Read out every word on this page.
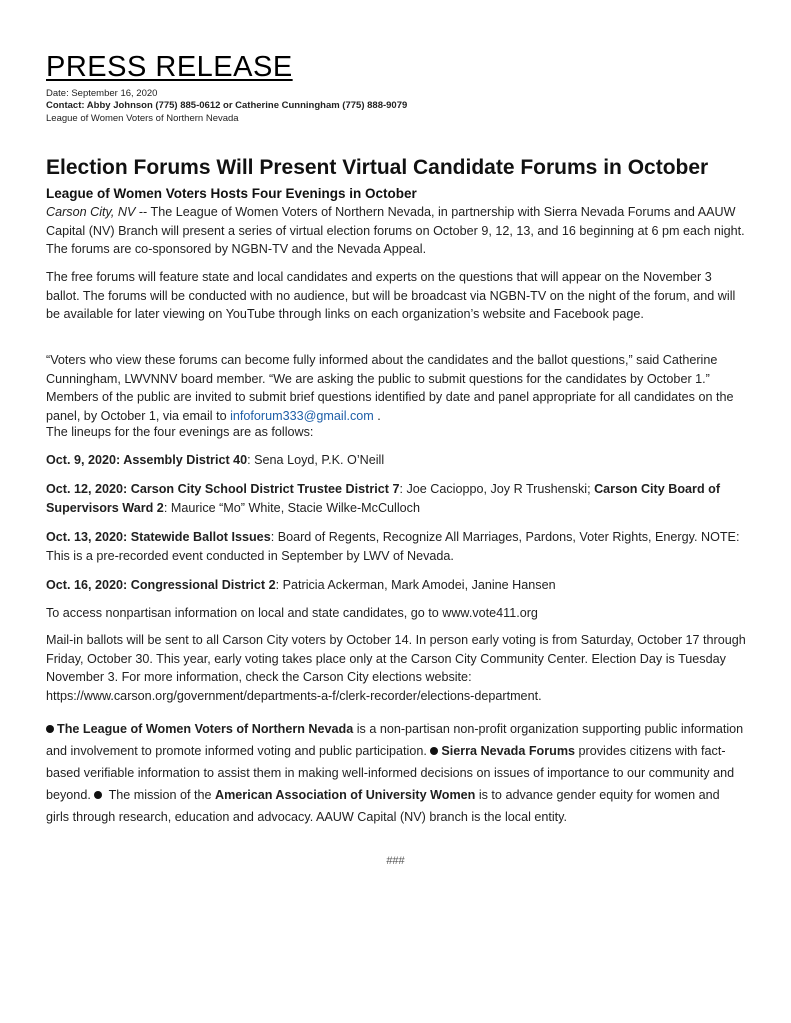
PRESS RELEASE
Date: September 16, 2020
Contact: Abby Johnson (775) 885-0612 or Catherine Cunningham (775) 888-9079
League of Women Voters of Northern Nevada
Election Forums Will Present Virtual Candidate Forums in October
League of Women Voters Hosts Four Evenings in October

Carson City, NV -- The League of Women Voters of Northern Nevada, in partnership with Sierra Nevada Forums and AAUW Capital (NV) Branch will present a series of virtual election forums on October 9, 12, 13, and 16 beginning at 6 pm each night. The forums are co-sponsored by NGBN-TV and the Nevada Appeal.

The free forums will feature state and local candidates and experts on the questions that will appear on the November 3 ballot. The forums will be conducted with no audience, but will be broadcast via NGBN-TV on the night of the forum, and will be available for later viewing on YouTube through links on each organization’s website and Facebook page.

“Voters who view these forums can become fully informed about the candidates and the ballot questions,” said Catherine Cunningham, LWVNNV board member. “We are asking the public to submit questions for the candidates by October 1.” Members of the public are invited to submit brief questions identified by date and panel appropriate for all candidates on the panel, by October 1, via email to infoforum333@gmail.com .

The lineups for the four evenings are as follows:

Oct. 9, 2020: Assembly District 40: Sena Loyd, P.K. O’Neill

Oct. 12, 2020: Carson City School District Trustee District 7: Joe Cacioppo, Joy R Trushenski; Carson City Board of Supervisors Ward 2: Maurice “Mo” White, Stacie Wilke-McCulloch

Oct. 13, 2020: Statewide Ballot Issues: Board of Regents, Recognize All Marriages, Pardons, Voter Rights, Energy. NOTE: This is a pre-recorded event conducted in September by LWV of Nevada.

Oct. 16, 2020: Congressional District 2: Patricia Ackerman, Mark Amodei, Janine Hansen

To access nonpartisan information on local and state candidates, go to www.vote411.org

Mail-in ballots will be sent to all Carson City voters by October 14. In person early voting is from Saturday, October 17 through Friday, October 30. This year, early voting takes place only at the Carson City Community Center. Election Day is Tuesday November 3. For more information, check the Carson City elections website: https://www.carson.org/government/departments-a-f/clerk-recorder/elections-department.

The League of Women Voters of Northern Nevada is a non-partisan non-profit organization supporting public information and involvement to promote informed voting and public participation. Sierra Nevada Forums provides citizens with fact-based verifiable information to assist them in making well-informed decisions on issues of importance to our community and beyond.  The mission of the American Association of University Women is to advance gender equity for women and girls through research, education and advocacy. AAUW Capital (NV) branch is the local entity.

###
